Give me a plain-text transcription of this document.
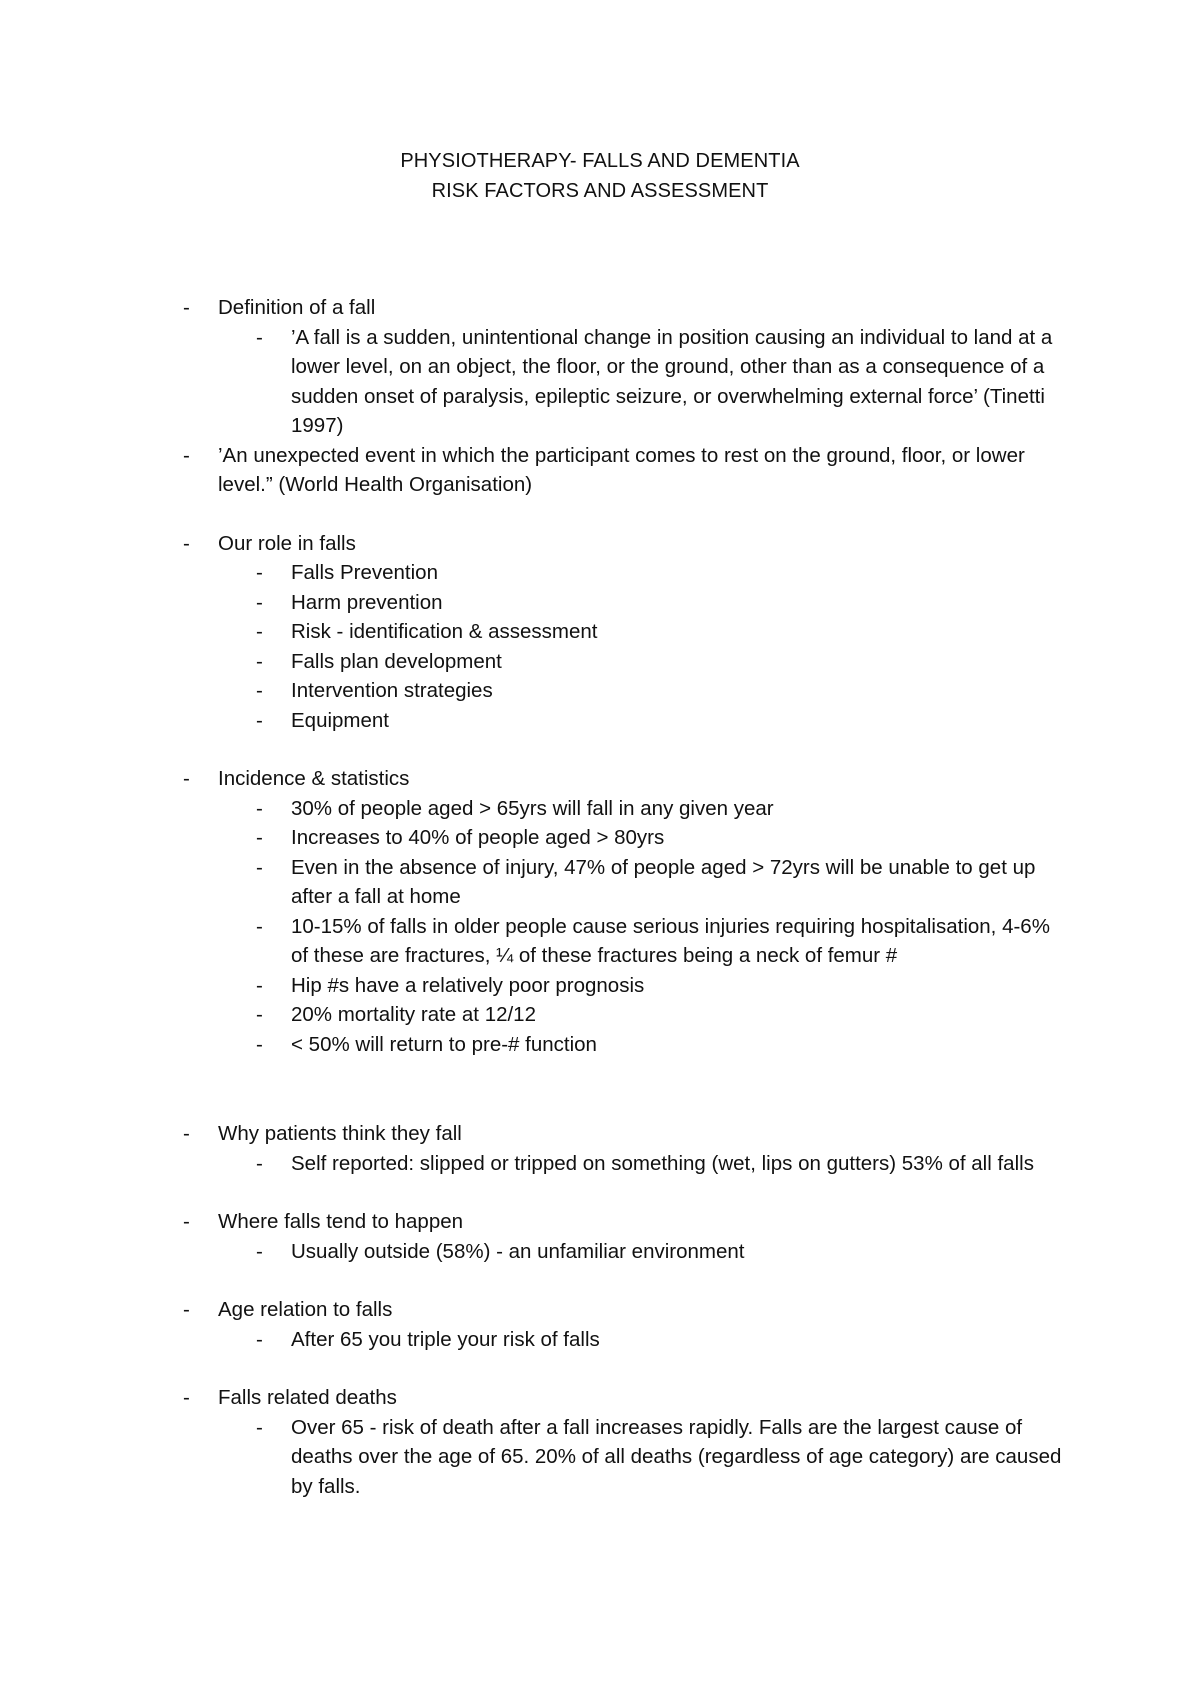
PHYSIOTHERAPY- FALLS AND DEMENTIA
RISK FACTORS AND ASSESSMENT
- Definition of a fall
- ’A fall is a sudden, unintentional change in position causing an individual to land at a lower level, on an object, the floor, or the ground, other than as a consequence of a sudden onset of paralysis, epileptic seizure, or overwhelming external force’ (Tinetti 1997)
- ’An unexpected event in which the participant comes to rest on the ground, floor, or lower level.” (World Health Organisation)
- Our role in falls
- Falls Prevention
- Harm prevention
- Risk - identification & assessment
- Falls plan development
- Intervention strategies
- Equipment
- Incidence & statistics
- 30% of people aged > 65yrs will fall in any given year
- Increases to 40% of people aged > 80yrs
- Even in the absence of injury, 47% of people aged > 72yrs will be unable to get up after a fall at home
- 10-15% of falls in older people cause serious injuries requiring hospitalisation, 4-6% of these are fractures, ¼ of these fractures being a neck of femur #
- Hip #s have a relatively poor prognosis
- 20% mortality rate at 12/12
- < 50% will return to pre-# function
- Why patients think they fall
- Self reported: slipped or tripped on something (wet, lips on gutters) 53% of all falls
- Where falls tend to happen
- Usually outside (58%) - an unfamiliar environment
- Age relation to falls
- After 65 you triple your risk of falls
- Falls related deaths
- Over 65 - risk of death after a fall increases rapidly. Falls are the largest cause of deaths over the age of 65. 20% of all deaths (regardless of age category) are caused by falls.
